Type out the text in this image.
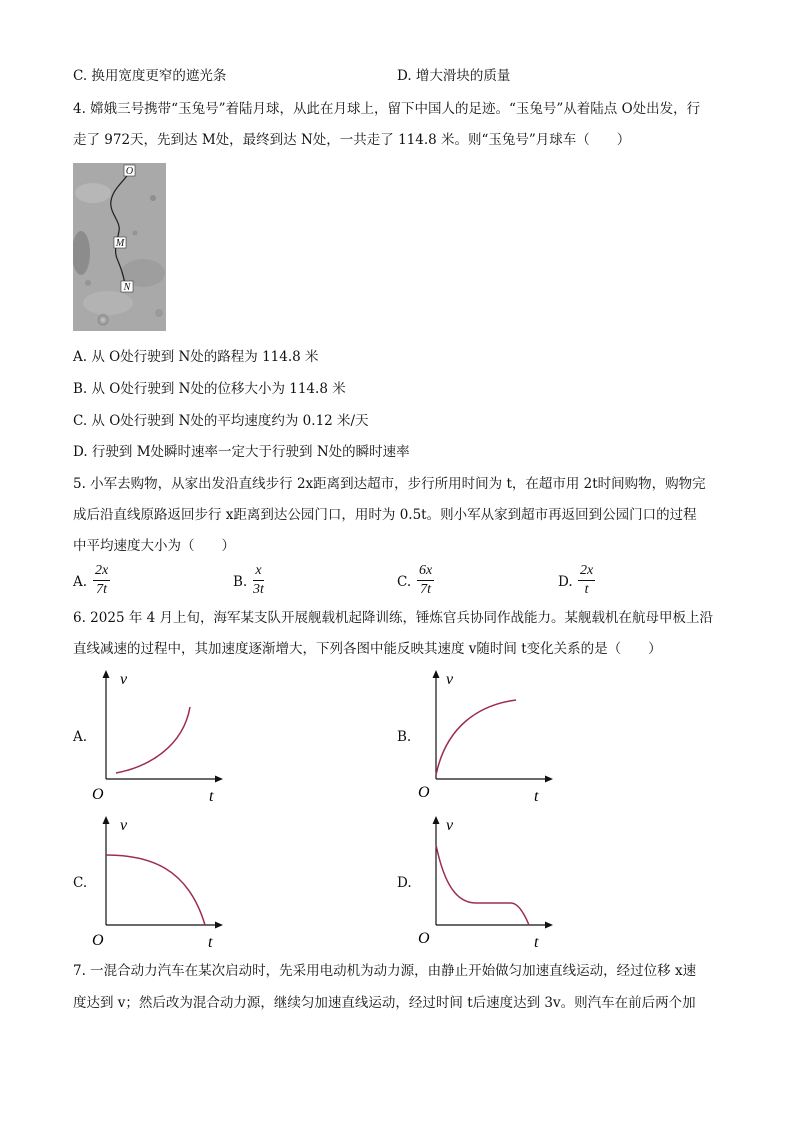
C. 换用宽度更窄的遮光条	D. 增大滑块的质量
4. 嫦娥三号携带“玉兔号”着陆月球，从此在月球上，留下中国人的足迹。“玉兔号”从着陆点 O处出发，行
走了 972天，先到达 M处，最终到达 N处，一共走了 114.8 米。则“玉兔号”月球车（　　）
O
M
N
A. 从 O处行驶到 N处的路程为 114.8 米
B. 从 O处行驶到 N处的位移大小为 114.8 米
C. 从 O处行驶到 N处的平均速度约为 0.12 米/天
D. 行驶到 M处瞬时速率一定大于行驶到 N处的瞬时速率
5. 小军去购物，从家出发沿直线步行 2x距离到达超市，步行所用时间为 t，在超市用 2t时间购物，购物完
成后沿直线原路返回步行 x距离到达公园门口，用时为 0.5t。则小军从家到超市再返回到公园门口的过程
中平均速度大小为（　　）
A. $\frac{2x}{7t}$	B. $\frac{x}{3t}$	C. $\frac{6x}{7t}$	D. $\frac{2x}{t}$
6. 2025 年 4 月上旬，海军某支队开展舰载机起降训练，锤炼官兵协同作战能力。某舰载机在航母甲板上沿
直线减速的过程中，其加速度逐渐增大，下列各图中能反映其速度 v随时间 t变化关系的是（　　）
A.	B.
C.	D.
v
t
O
v
t
O
v
t
O
v
t
O
7. 一混合动力汽车在某次启动时，先采用电动机为动力源，由静止开始做匀加速直线运动，经过位移 x速
度达到 v；然后改为混合动力源，继续匀加速直线运动，经过时间 t后速度达到 3v。则汽车在前后两个加
